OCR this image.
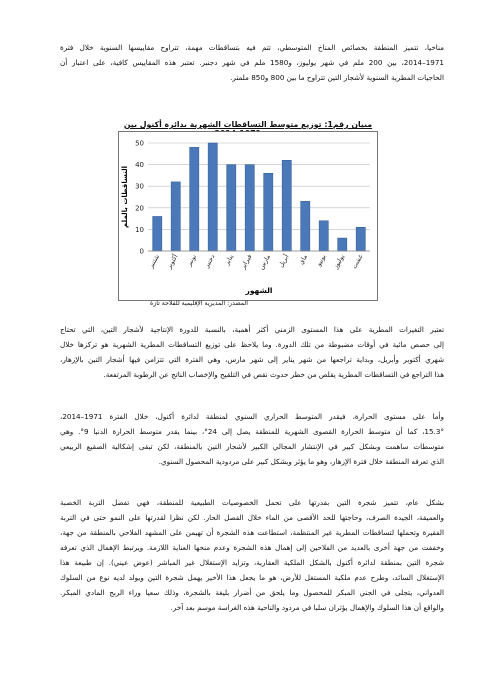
مناخيا، تتميز المنطقة بخصائص المناخ المتوسطي، تتم فيه بتساقطات مهمة، تتراوح مقاييسها السنوية خلال فترة
1971–2014، بين 200 ملم في شهر يوليوز، و1580 ملم في شهر دجنبر. تعتبر هذه المقاييس كافية، على اعتبار أن
الحاجيات المطرية السنوية لأشجار التين تتراوح ما بين 800 و850 ملمتر.
مبيان رقم1: توزيع متوسط التساقطات الشهرية بدائرة أكنول بين
0
10
20
30
40
50
شتنبر أكتوبر نونبر دجنبر يناير فبراير مارس أبريل ماي يونيو يوليوز غشت
التساقطات بالملم
الشهور
المصدر: المديرية الإقليمية للفلاحة تازة
تعتبر التغيرات المطرية على هذا المستوى الزمني أكثر أهمية، بالنسبة للدورة الإنتاجية لأشجار التين، التي تحتاج
إلى حصص مائية في أوقات مضبوطة من تلك الدورة. وما يلاحظ على توزيع التساقطات المطرية الشهرية هو تركزها خلال
شهري أكتوبر وأبريل، وبداية تراجعها من شهر يناير إلى شهر مارس، وهي الفترة التي تتزامن فيها أشجار التين بالإزهار،
هذا التراجع في التساقطات المطرية يقلص من خطر حدوث نقص في التلقيح والإخصاب الناتج عن الرطوبة المرتفعة.
وأما على مستوى الحرارة، فيقدر المتوسط الحراري السنوي لمنطقة لدائرة أكنول، خلال الفترة 1971–2014،
15.3°، كما أن متوسط الحرارة القصوى الشهرية للمنطقة يصل إلى 24°، بينما يقدر متوسط الحرارة الدنيا 9°. وهي
متوسطات ساهمت وبشكل كبير في الإنتشار المجالي الكبير لأشجار التين بالمنطقة، لكن تبقى إشكالية الصقيع الربيعي
الذي تعرفه المنطقة خلال فترة الإزهار، وهو ما يؤثر وبشكل كبير على مردودية المحصول السنوي.
بشكل عام، تتميز شجرة التين بقدرتها على تحمل الخصوصيات الطبيعية للمنطقة، فهي تفضل التربة الخصبة
والعميقة، الجيدة الصرف، وحاجتها للحد الأقصى من الماء خلال الفصل الحار. لكن نظرا لقدرتها على النمو حتى في التربة
الفقيرة وتحملها لتساقطات المطرية غير المنتظمة، استطاعت هذه الشجرة أن تهيمن على المشهد الفلاحي بالمنطقة من جهة،
وخففت من جهة أخرى بالعديد من الفلاحين إلى إهمال هذه الشجرة وعدم منحها العناية اللازمة. ويرتبط الإهمال الذي تعرفه
شجرة التين بمنطقة لدائرة أكنول بالشكل الملكية العقارية، وتزايد الإستغلال غير المباشر (عوض عيني). إن طبيعة هذا
الإستغلال السائد، وطرح عدم ملكية المستغل للأرض، هو ما يجعل هذا الأخير يهمل شجرة التين ويولد لديه نوع من السلوك
العدواني، يتجلى في الجني المبكر للمحصول وما يلحق من أضرار بليغة بالشجرة، وذلك سعيا وراء الربح المادي المبكر.
والواقع أن هذا السلوك والإهمال يؤثران سلبا في مردود والناحية هذه الغراسة موسم بعد آخر.
